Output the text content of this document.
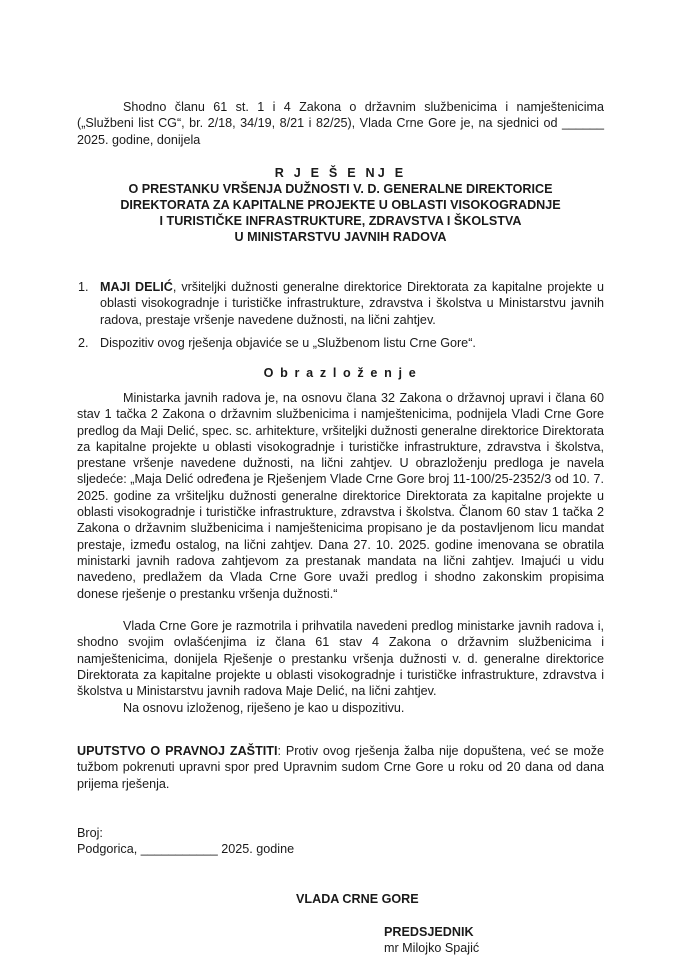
Shodno članu 61 st. 1 i 4 Zakona o državnim službenicima i namještenicima („Službeni list CG“, br. 2/18, 34/19, 8/21 i 82/25), Vlada Crne Gore je, na sjednici od ______ 2025. godine, donijela

R J E Š E NJ E
O PRESTANKU VRŠENJA DUŽNOSTI V. D. GENERALNE DIREKTORICE
DIREKTORATA ZA KAPITALNE PROJEKTE U OBLASTI VISOKOGRADNJE
I TURISTIČKE INFRASTRUKTURE, ZDRAVSTVA I ŠKOLSTVA
U MINISTARSTVU JAVNIH RADOVA
1. MAJI DELIĆ, vršiteljki dužnosti generalne direktorice Direktorata za kapitalne projekte u oblasti visokogradnje i turističke infrastrukture, zdravstva i školstva u Ministarstvu javnih radova, prestaje vršenje navedene dužnosti, na lični zahtjev.
2. Dispozitiv ovog rješenja objaviće se u „Službenom listu Crne Gore“.
O b r a z l o ž e n j e

Ministarka javnih radova je, na osnovu člana 32 Zakona o državnoj upravi i člana 60 stav 1 tačka 2 Zakona o državnim službenicima i namještenicima, podnijela Vladi Crne Gore predlog da Maji Delić, spec. sc. arhitekture, vršiteljki dužnosti generalne direktorice Direktorata za kapitalne projekte u oblasti visokogradnje i turističke infrastrukture, zdravstva i školstva, prestane vršenje navedene dužnosti, na lični zahtjev. U obrazloženju predloga je navela sljedeće: „Maja Delić određena je Rješenjem Vlade Crne Gore broj 11-100/25-2352/3 od 10. 7. 2025. godine za vršiteljku dužnosti generalne direktorice Direktorata za kapitalne projekte u oblasti visokogradnje i turističke infrastrukture, zdravstva i školstva. Članom 60 stav 1 tačka 2 Zakona o državnim službenicima i namještenicima propisano je da postavljenom licu mandat prestaje, između ostalog, na lični zahtjev. Dana 27. 10. 2025. godine imenovana se obratila ministarki javnih radova zahtjevom za prestanak mandata na lični zahtjev. Imajući u vidu navedeno, predlažem da Vlada Crne Gore uvaži predlog i shodno zakonskim propisima donese rješenje o prestanku vršenja dužnosti.“

Vlada Crne Gore je razmotrila i prihvatila navedeni predlog ministarke javnih radova i, shodno svojim ovlašćenjima iz člana 61 stav 4 Zakona o državnim službenicima i namještenicima, donijela Rješenje o prestanku vršenja dužnosti v. d. generalne direktorice Direktorata za kapitalne projekte u oblasti visokogradnje i turističke infrastrukture, zdravstva i školstva u Ministarstvu javnih radova Maje Delić, na lični zahtjev.

Na osnovu izloženog, riješeno je kao u dispozitivu.

UPUTSTVO O PRAVNOJ ZAŠTITI: Protiv ovog rješenja žalba nije dopuštena, već se može tužbom pokrenuti upravni spor pred Upravnim sudom Crne Gore u roku od 20 dana od dana prijema rješenja.

Broj:
Podgorica, ___________ 2025. godine
VLADA CRNE GORE
PREDSJEDNIK
mr Milojko Spajić
